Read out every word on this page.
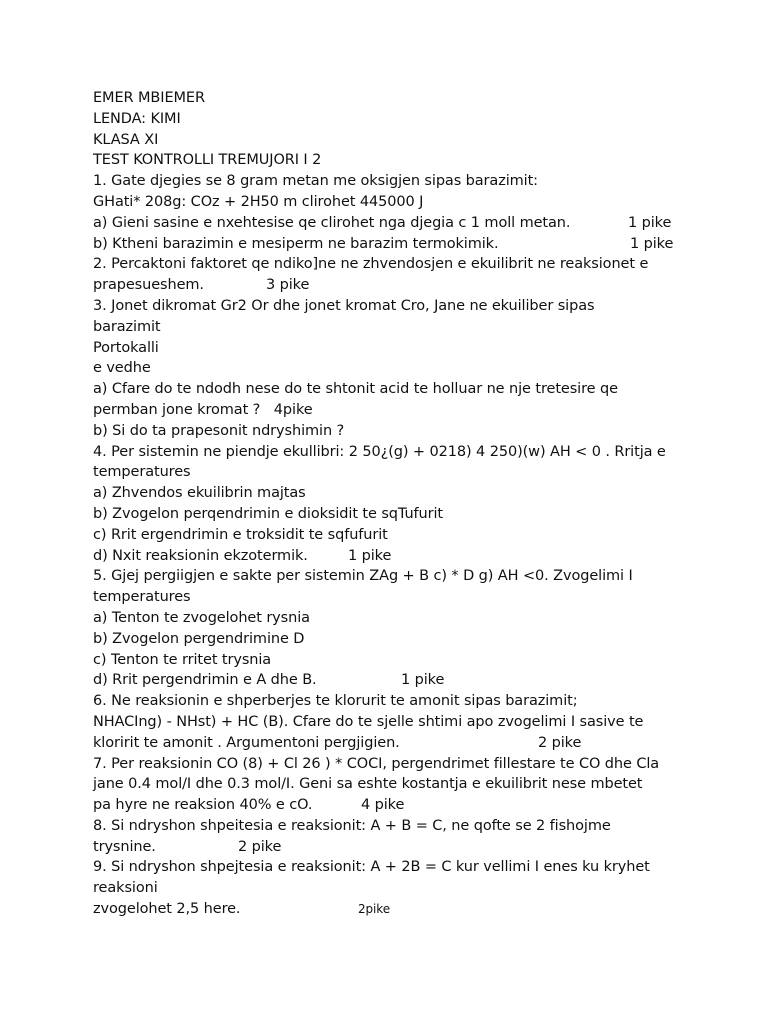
EMER MBIEMER
LENDA: KIMI
KLASA XI
TEST KONTROLLI TREMUJORI I 2
1. Gate djegies se 8 gram metan me oksigjen sipas barazimit:
GHati* 208g: COz + 2H50 m clirohet 445000 J
a) Gieni sasine e nxehtesise qe clirohet nga djegia c 1 moll metan.	1 pike
b) Ktheni barazimin e mesiperm ne barazim termokimik.	1 pike
2. Percaktoni faktoret qe ndiko]ne ne zhvendosjen e ekuilibrit ne reaksionet e
prapesueshem.	3 pike
3. Jonet dikromat Gr2 Or dhe jonet kromat Cro, Jane ne ekuiliber sipas
barazimit
Portokalli
e vedhe
a) Cfare do te ndodh nese do te shtonit acid te holluar ne nje tretesire qe
permban jone kromat ?   4pike
b) Si do ta prapesonit ndryshimin ?
4. Per sistemin ne piendje ekullibri: 2 50¿(g) + 0218) 4 250)(w) AH < 0 . Rritja e
temperatures
a) Zhvendos ekuilibrin majtas
b) Zvogelon perqendrimin e dioksidit te sqTufurit
c) Rrit ergendrimin e troksidit te sqfufurit
d) Nxit reaksionin ekzotermik.	1 pike
5. Gjej pergiigjen e sakte per sistemin ZAg + B c) * D g) AH <0. Zvogelimi I
temperatures
a) Tenton te zvogelohet rysnia
b) Zvogelon pergendrimine D
c) Tenton te rritet trysnia
d) Rrit pergendrimin e A dhe B.	1 pike
6. Ne reaksionin e shperberjes te klorurit te amonit sipas barazimit;
NHACIng) - NHst) + HC (B). Cfare do te sjelle shtimi apo zvogelimi I sasive te
kloririt te amonit . Argumentoni pergjigien.	2 pike
7. Per reaksionin CO (8) + Cl 26 ) * COCI, pergendrimet fillestare te CO dhe Cla
jane 0.4 mol/I dhe 0.3 mol/I. Geni sa eshte kostantja e ekuilibrit nese mbetet
pa hyre ne reaksion 40% e cO.	4 pike
8. Si ndryshon shpeitesia e reaksionit: A + B = C, ne qofte se 2 fishojme
trysnine.	2 pike
9. Si ndryshon shpejtesia e reaksionit: A + 2B = C kur vellimi I enes ku kryhet
reaksioni
zvogelohet 2,5 here.	2pike
